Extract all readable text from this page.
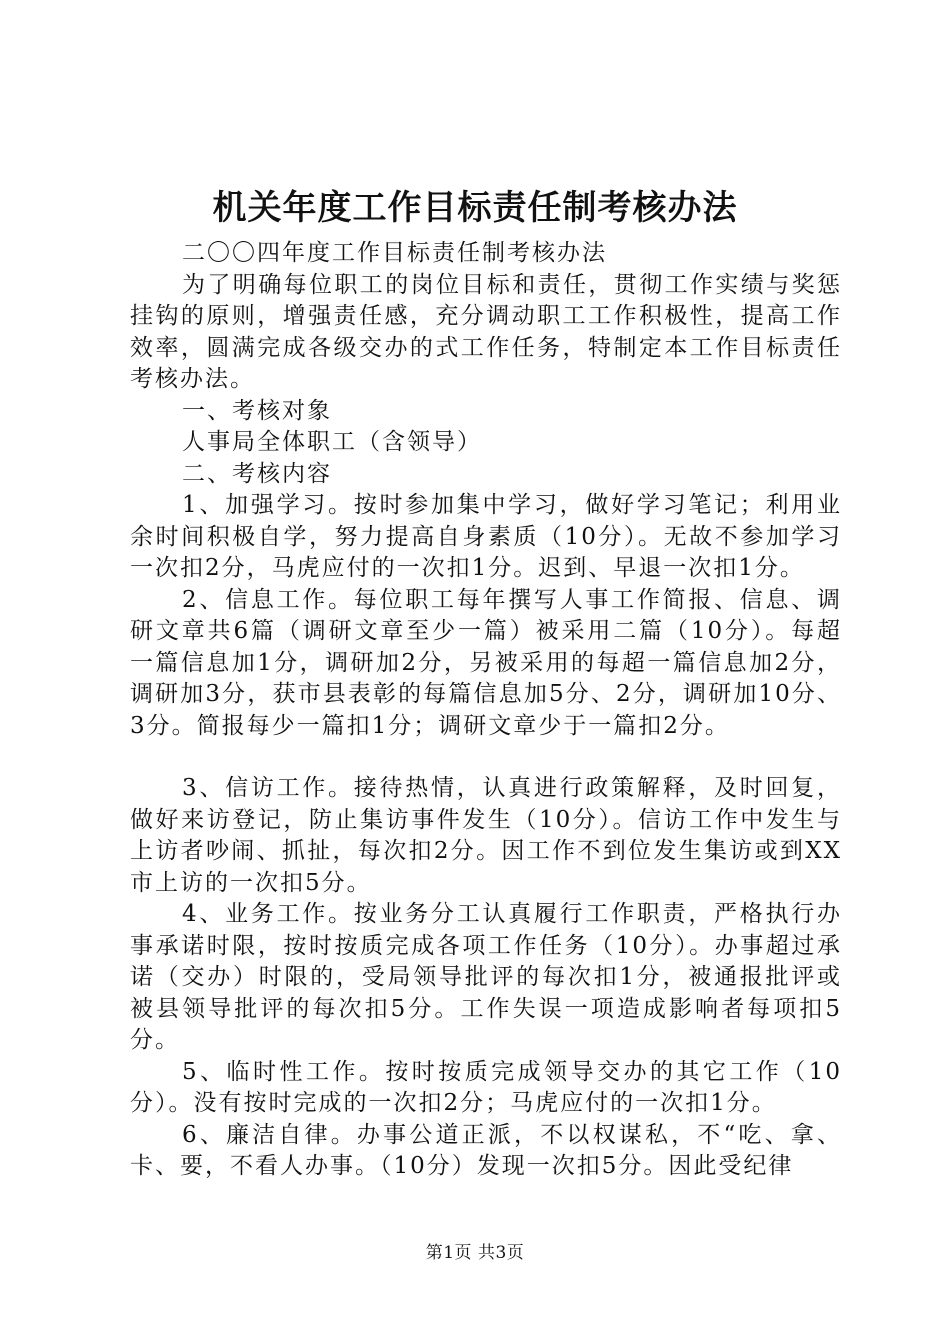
机关年度工作目标责任制考核办法

二〇〇四年度工作目标责任制考核办法

为了明确每位职工的岗位目标和责任，贯彻工作实绩与奖惩挂钩的原则，增强责任感，充分调动职工工作积极性，提高工作效率，圆满完成各级交办的式工作任务，特制定本工作目标责任考核办法。

一、考核对象

人事局全体职工（含领导）

二、考核内容

1、加强学习。按时参加集中学习，做好学习笔记；利用业余时间积极自学，努力提高自身素质（10分）。无故不参加学习一次扣2分，马虎应付的一次扣1分。迟到、早退一次扣1分。

2、信息工作。每位职工每年撰写人事工作简报、信息、调研文章共6篇（调研文章至少一篇）被采用二篇（10分）。每超一篇信息加1分，调研加2分，另被采用的每超一篇信息加2分，调研加3分，获市县表彰的每篇信息加5分、2分，调研加10分、3分。简报每少一篇扣1分；调研文章少于一篇扣2分。

3、信访工作。接待热情，认真进行政策解释，及时回复，做好来访登记，防止集访事件发生（10分）。信访工作中发生与上访者吵闹、抓扯，每次扣2分。因工作不到位发生集访或到XX市上访的一次扣5分。

4、业务工作。按业务分工认真履行工作职责，严格执行办事承诺时限，按时按质完成各项工作任务（10分）。办事超过承诺（交办）时限的，受局领导批评的每次扣1分，被通报批评或被县领导批评的每次扣5分。工作失误一项造成影响者每项扣5分。

5、临时性工作。按时按质完成领导交办的其它工作（10分）。没有按时完成的一次扣2分；马虎应付的一次扣1分。

6、廉洁自律。办事公道正派，不以权谋私，不“吃、拿、卡、要，不看人办事。（10分）发现一次扣5分。因此受纪律

第1页 共3页
